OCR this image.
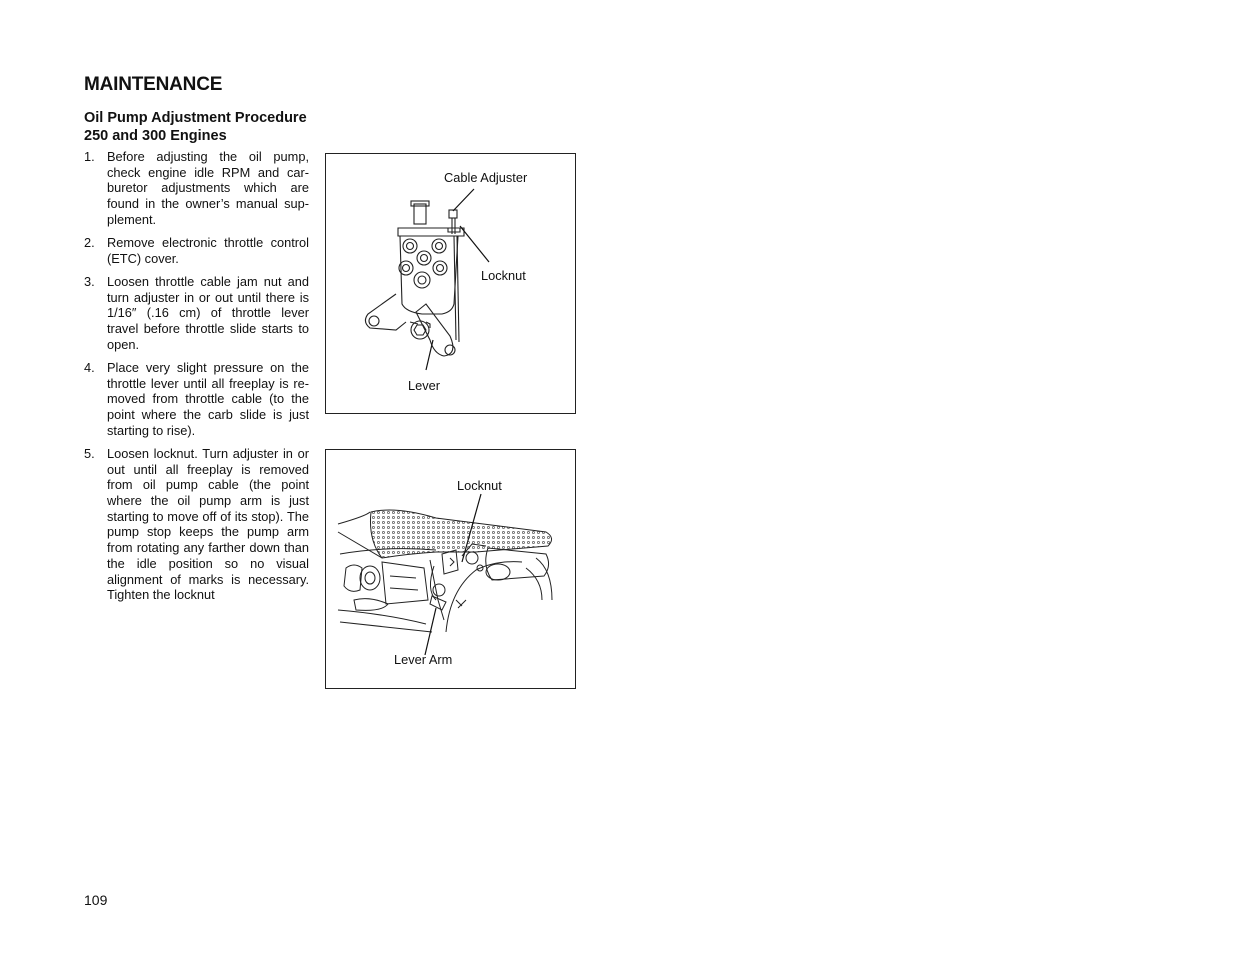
MAINTENANCE
Oil Pump Adjustment Procedure
250 and 300 Engines
1. Before adjusting the oil pump, check engine idle RPM and carburetor adjustments which are found in the owner’s manual supplement.
2. Remove electronic throttle control (ETC) cover.
3. Loosen throttle cable jam nut and turn adjuster in or out until there is 1/16″ (.16 cm) of throttle lever travel before throttle slide starts to open.
4. Place very slight pressure on the throttle lever until all freeplay is removed from throttle cable (to the point where the carb slide is just starting to rise).
5. Loosen locknut. Turn adjuster in or out until all freeplay is removed from oil pump cable (the point where the oil pump arm is just starting to move off of its stop). The pump stop keeps the pump arm from rotating any farther down than the idle position so no visual alignment of marks is necessary. Tighten the locknut
Cable Adjuster
Locknut
Lever
Locknut
Lever Arm
109
